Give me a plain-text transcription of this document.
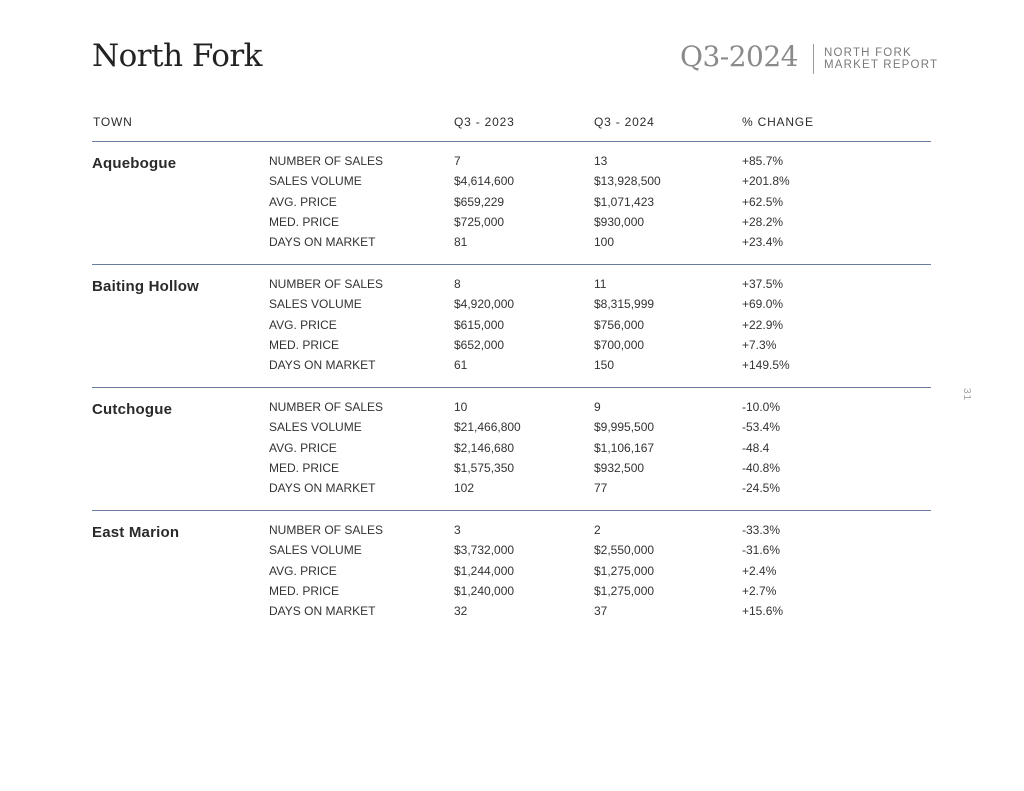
North Fork	Q3-2024 NORTH FORK
MARKET REPORT
TOWN	Q3 - 2023	Q3 - 2024	% CHANGE
Aquebogue	NUMBER OF SALES	7	13	+85.7%
SALES VOLUME	$4,614,600	$13,928,500	+201.8%
AVG. PRICE	$659,229	$1,071,423	+62.5%
MED. PRICE	$725,000	$930,000	+28.2%
DAYS ON MARKET	81	100	+23.4%
Baiting Hollow	NUMBER OF SALES	8	11	+37.5%
SALES VOLUME	$4,920,000	$8,315,999	+69.0%
AVG. PRICE	$615,000	$756,000	+22.9%
MED. PRICE	$652,000	$700,000	+7.3%
DAYS ON MARKET	61	150	+149.5%
Cutchogue	NUMBER OF SALES	10	9	-10.0%
SALES VOLUME	$21,466,800	$9,995,500	-53.4%
AVG. PRICE	$2,146,680	$1,106,167	-48.4
MED. PRICE	$1,575,350	$932,500	-40.8%
DAYS ON MARKET	102	77	-24.5%
East Marion	NUMBER OF SALES	3	2	-33.3%
SALES VOLUME	$3,732,000	$2,550,000	-31.6%
AVG. PRICE	$1,244,000	$1,275,000	+2.4%
MED. PRICE	$1,240,000	$1,275,000	+2.7%
DAYS ON MARKET	32	37	+15.6%
31
